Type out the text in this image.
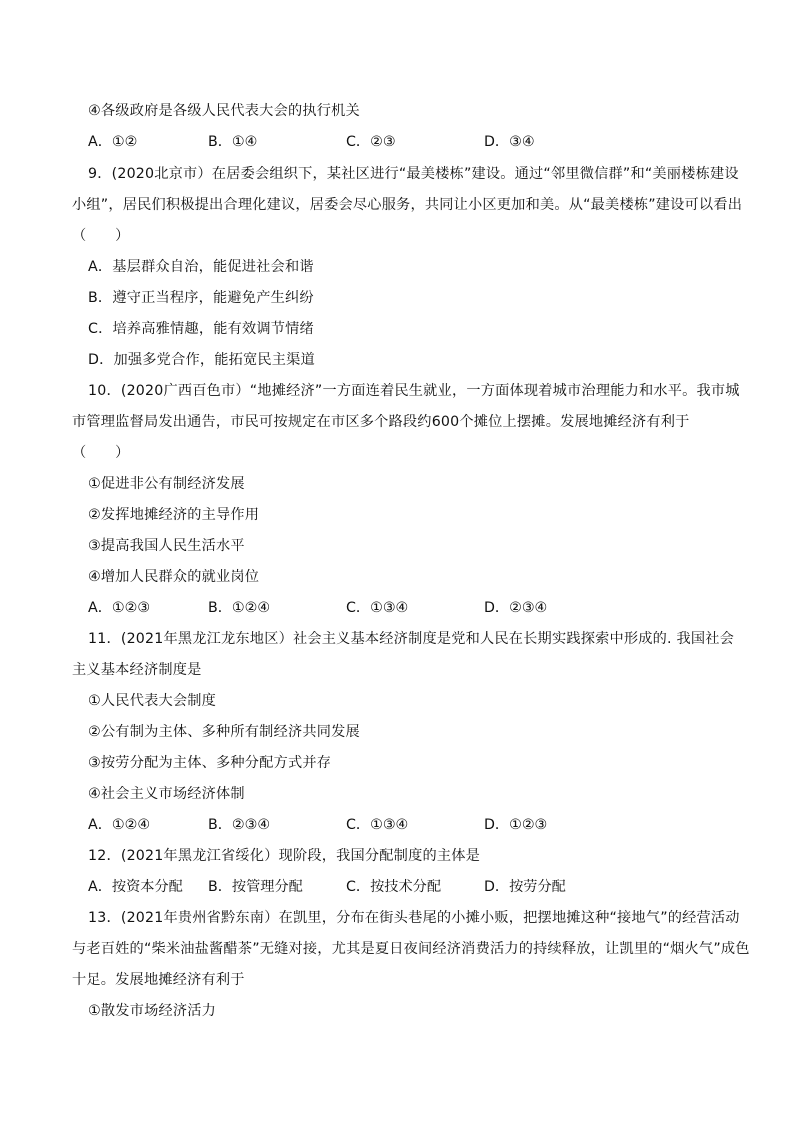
④各级政府是各级人民代表大会的执行机关
A．①②	B．①④	C．②③	D．③④
9．(2020北京市）在居委会组织下，某社区进行“最美楼栋”建设。通过“邻里微信群”和“美丽楼栋建设
小组”，居民们积极提出合理化建议，居委会尽心服务，共同让小区更加和美。从“最美楼栋”建设可以看出
（　　）
A．基层群众自治，能促进社会和谐
B．遵守正当程序，能避免产生纠纷
C．培养高雅情趣，能有效调节情绪
D．加强多党合作，能拓宽民主渠道
10．(2020广西百色市）“地摊经济”一方面连着民生就业，一方面体现着城市治理能力和水平。我市城
市管理监督局发出通告，市民可按规定在市区多个路段约600个摊位上摆摊。发展地摊经济有利于
（　　）
①促进非公有制经济发展
②发挥地摊经济的主导作用
③提高我国人民生活水平
④增加人民群众的就业岗位
A．①②③	B．①②④	C．①③④	D．②③④
11．(2021年黑龙江龙东地区）社会主义基本经济制度是党和人民在长期实践探索中形成的. 我国社会
主义基本经济制度是
①人民代表大会制度
②公有制为主体、多种所有制经济共同发展
③按劳分配为主体、多种分配方式并存
④社会主义市场经济体制
A．①②④	B．②③④	C．①③④	D．①②③
12．(2021年黑龙江省绥化）现阶段，我国分配制度的主体是
A．按资本分配 B．按管理分配	C．按技术分配	D．按劳分配
13．(2021年贵州省黔东南）在凯里，分布在街头巷尾的小摊小贩，把摆地摊这种“接地气”的经营活动
与老百姓的“柴米油盐酱醋茶”无缝对接，尤其是夏日夜间经济消费活力的持续释放，让凯里的“烟火气”成色
十足。发展地摊经济有利于
①散发市场经济活力
